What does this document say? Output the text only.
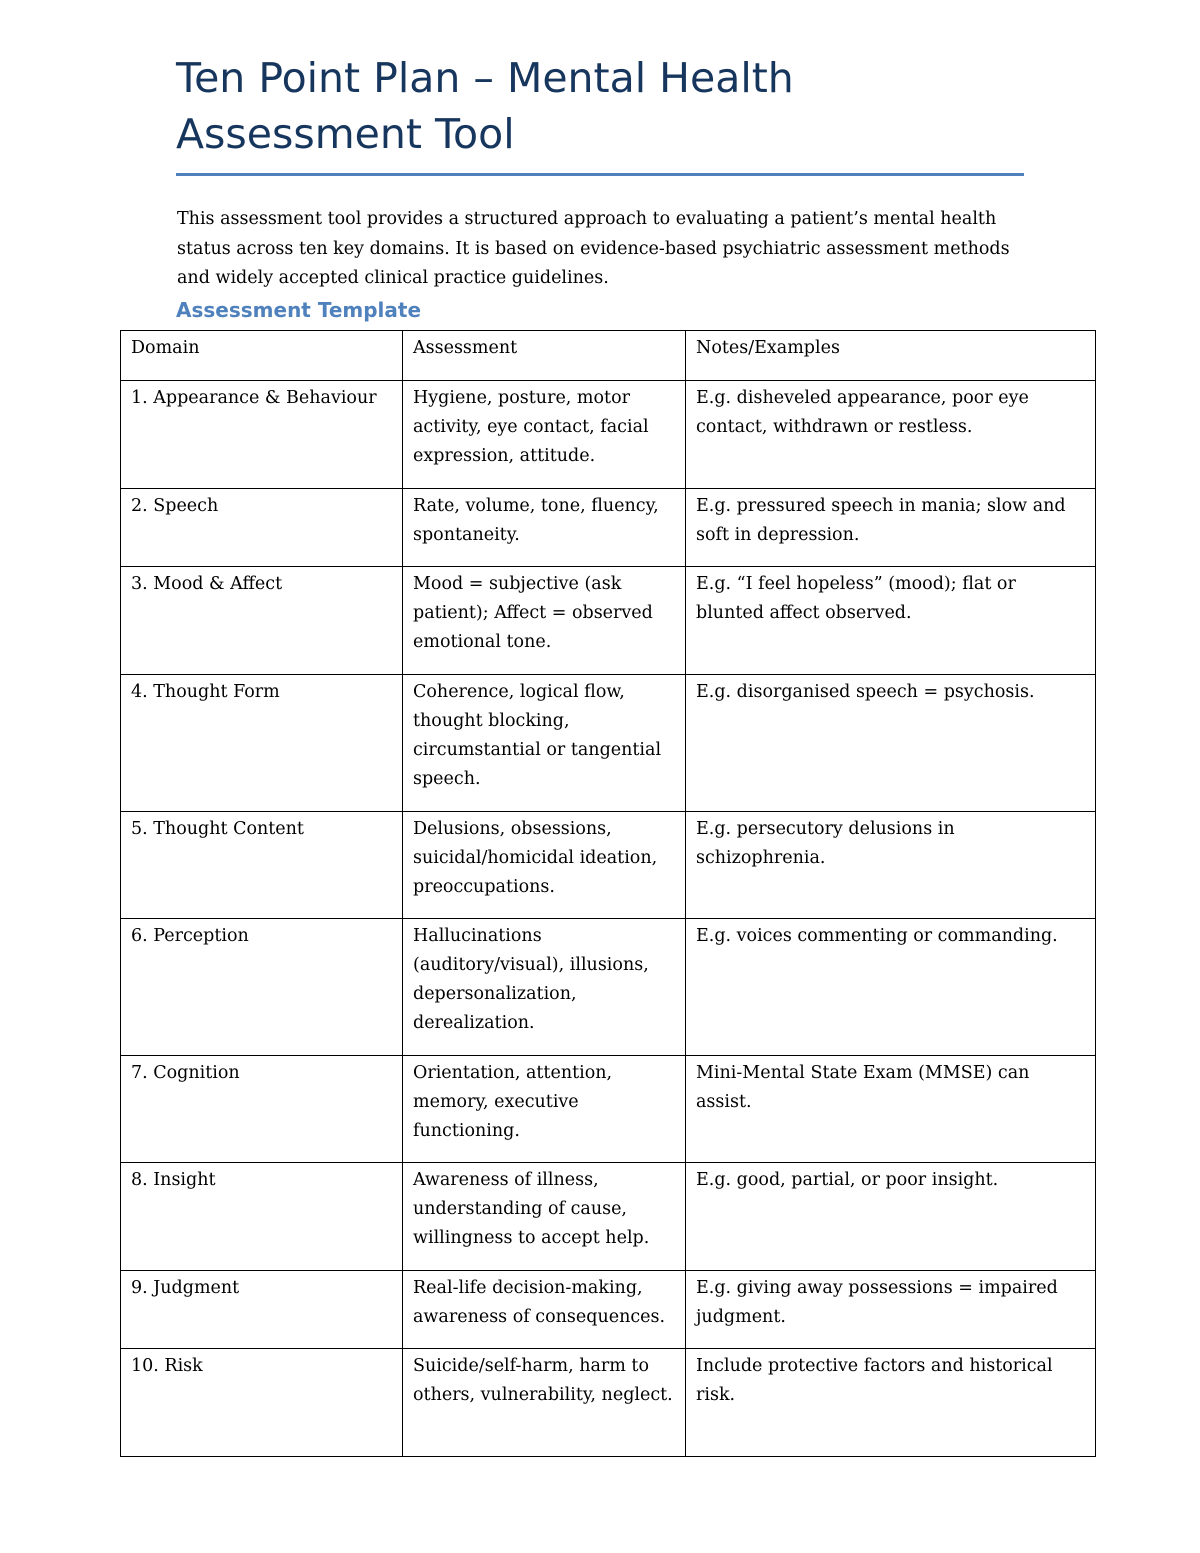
Ten Point Plan – Mental Health Assessment Tool

This assessment tool provides a structured approach to evaluating a patient’s mental health status across ten key domains. It is based on evidence-based psychiatric assessment methods and widely accepted clinical practice guidelines.

Assessment Template
Domain	Assessment	Notes/Examples
1. Appearance & Behaviour	Hygiene, posture, motor activity, eye contact, facial expression, attitude.	E.g. disheveled appearance, poor eye contact, withdrawn or restless.
2. Speech	Rate, volume, tone, fluency, spontaneity.	E.g. pressured speech in mania; slow and soft in depression.
3. Mood & Affect	Mood = subjective (ask patient); Affect = observed emotional tone.	E.g. “I feel hopeless” (mood); flat or blunted affect observed.
4. Thought Form	Coherence, logical flow, thought blocking, circumstantial or tangential speech.	E.g. disorganised speech = psychosis.
5. Thought Content	Delusions, obsessions, suicidal/homicidal ideation, preoccupations.	E.g. persecutory delusions in schizophrenia.
6. Perception	Hallucinations (auditory/visual), illusions, depersonalization, derealization.	E.g. voices commenting or commanding.
7. Cognition	Orientation, attention, memory, executive functioning.	Mini-Mental State Exam (MMSE) can assist.
8. Insight	Awareness of illness, understanding of cause, willingness to accept help.	E.g. good, partial, or poor insight.
9. Judgment	Real-life decision-making, awareness of consequences.	E.g. giving away possessions = impaired judgment.
10. Risk	Suicide/self-harm, harm to others, vulnerability, neglect.	Include protective factors and historical risk.
